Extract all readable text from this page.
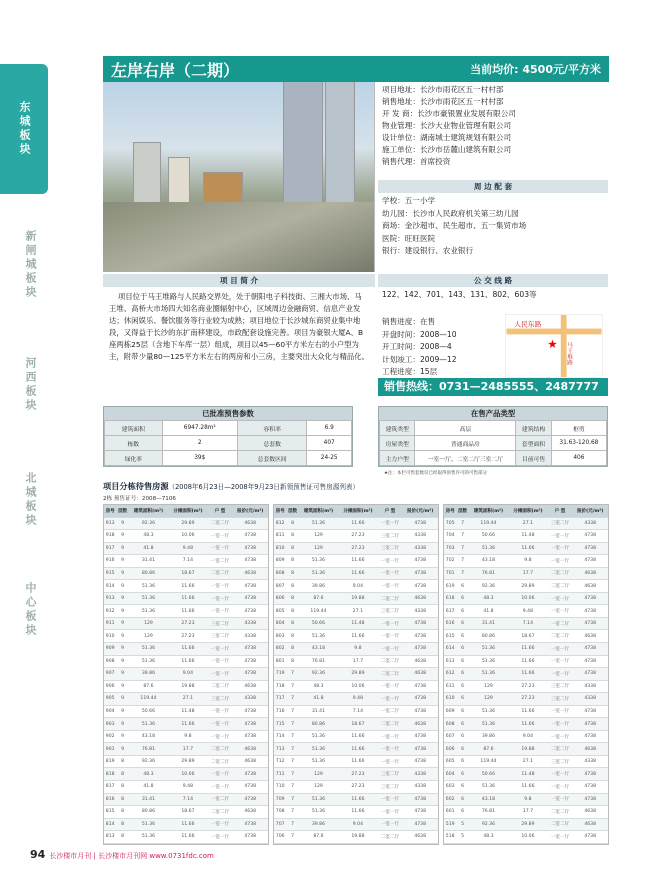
东城板块
新闸城板块
河西板块
北城板块
中心板块
左岸右岸（二期）	当前均价: 4500元/平方米
项目地址：长沙市雨花区五一村村部
销售地址：长沙市雨花区五一村村部
开 发 商：长沙市豪银置业发展有限公司
物业管理：长沙大业物业管理有限公司
设计单位：湖南城士建筑规划有限公司
施工单位：长沙市岳麓山建筑有限公司
销售代理：首席投资
周 边 配 套
学校：五一小学
幼儿园：长沙市人民政府机关第三幼儿园
商场：金沙超市、民生超市、五一集贸市场
医院：旺旺医院
银行：建设银行、农业银行
项 目 简 介
项目位于马王堆路与人民路交界处，处于朝阳电子科技街、三湘大市场、马王堆、高桥大市场四大知名商业圈辐射中心，区域周边金融商贸、信息产业发达；休闲娱乐、餐饮服务等行业较为成熟；项目地位于长沙城东商贸业集中地段，又得益于长沙的东扩南移建设，市政配套设施完善。项目为豪银大厦A、B座两栋25层（含地下车库一层）组成，项目以45—60平方米左右的小户型为主，附带少量80—125平方米左右的两房和小三房，主要突出大众化与精品化。
公 交 线 路
122、142、701、143、131、802、603等
销售进度：在售
开盘时间：2008—10
开工时间：2008—4
计划竣工：2009—12
工程进度：15层
人民东路
马王堆路
★
销售热线：0731—2485555、2487777
已批准预售参数
建筑面积	6947.28m²	容积率	6.9
栋数	2	总套数	407
绿化率	39$	总套数区间	24-25
在售产品类型
建筑类型	高层	建筑结构	框剪
房屋类型	普通商品房	套型面积	31.63-120.68
主力户型	一室一厅、二室二厅三室二厅	目前可售	406
★注：本栏可售套数仅已经取得预售许可的可售部分
项目分栋待售房源（2008年6月23日—2008年9月23日新领预售证可售房源列表）
2栋 预售证号：2008—7106
房号	层数	建筑面积(m²)	分摊面积(m²)	户 型	报价(元/m²)
913	9	92.36	29.89	二室二厅	4638
918	9	48.3	10.06	一室一厅	4738
917	9	41.8	9.48	一室一厅	4738
916	9	31.41	7.14	一室二厅	4738
915	9	80.86	18.67	二室二厅	4638
914	9	51.36	11.66	一室一厅	4738
913	9	51.36	11.66	一室一厅	4738
912	9	51.36	11.66	一室一厅	4738
911	9	129	27.23	三室二厅	4338
910	9	129	27.23	三室二厅	4338
909	9	51.36	11.66	一室一厅	4738
908	9	51.36	11.66	一室一厅	4738
907	9	39.86	9.04	一室一厅	4738
906	9	87.6	19.88	二室二厅	4638
905	9	119.44	27.1	三室二厅	4338
904	9	50.66	11.48	一室一厅	4738
903	9	51.36	11.66	一室一厅	4738
902	9	43.18	9.8	一室一厅	4738
901	9	76.81	17.7	二室二厅	4638
819	8	92.36	29.89	二室二厅	4638
818	8	48.3	10.06	一室一厅	4738
817	8	41.8	9.48	一室一厅	4738
816	8	31.41	7.14	一室二厅	4738
815	8	80.86	18.67	二室二厅	4638
814	8	51.36	11.66	一室一厅	4738
813	8	51.36	11.66	一室一厅	4738
房号	层数	建筑面积(m²)	分摊面积(m²)	户 型	报价(元/m²)
812	8	51.36	11.66	一室一厅	4738
811	8	129	27.23	三室二厅	4338
810	8	129	27.23	三室二厅	4338
809	8	51.36	11.66	一室一厅	4738
808	8	51.36	11.66	一室一厅	4738
807	8	39.86	9.04	一室一厅	4738
806	8	87.6	19.88	二室二厅	4638
805	8	119.44	27.1	三室二厅	4338
804	8	50.66	11.48	一室一厅	4738
803	8	51.36	11.66	一室一厅	4738
802	8	43.18	9.8	一室一厅	4738
801	8	76.81	17.7	二室二厅	4638
719	7	92.36	29.89	二室二厅	4638
718	7	48.3	10.06	一室一厅	4738
717	7	41.8	9.48	一室一厅	4738
716	7	31.41	7.14	一室二厅	4738
715	7	80.86	18.67	二室二厅	4638
714	7	51.36	11.66	一室一厅	4738
713	7	51.36	11.66	一室一厅	4738
712	7	51.36	11.66	一室一厅	4738
711	7	129	27.23	三室二厅	4338
710	7	129	27.23	三室二厅	4338
709	7	51.36	11.66	一室一厅	4738
708	7	51.36	11.66	一室一厅	4738
707	7	39.86	9.04	一室一厅	4738
706	7	87.6	19.88	二室二厅	4638
房号	层数	建筑面积(m²)	分摊面积(m²)	户 型	报价(元/m²)
705	7	119.44	27.1	三室二厅	4338
704	7	50.66	11.48	一室一厅	4738
703	7	51.36	11.66	一室一厅	4738
702	7	43.18	9.8	一室一厅	4738
701	7	76.81	17.7	二室二厅	4638
619	6	92.36	29.89	二室二厅	4638
618	6	48.3	10.06	一室一厅	4738
617	6	41.8	9.48	一室一厅	4738
616	6	31.41	7.14	一室二厅	4738
615	6	80.86	18.67	二室二厅	4638
614	6	51.36	11.66	一室一厅	4738
613	6	51.36	11.66	一室一厅	4738
612	6	51.36	11.66	一室一厅	4738
611	6	129	27.23	三室二厅	4338
610	6	129	27.23	三室二厅	4338
609	6	51.36	11.66	一室一厅	4738
608	6	51.36	11.66	一室一厅	4738
607	6	39.86	9.04	一室一厅	4738
606	6	87.6	19.88	二室二厅	4638
605	6	119.44	27.1	三室二厅	4338
604	6	50.66	11.48	一室一厅	4738
603	6	51.36	11.66	一室一厅	4738
602	6	43.18	9.8	一室一厅	4738
601	6	76.81	17.7	二室二厅	4638
519	5	92.36	29.89	二室二厅	4638
518	5	48.3	10.06	一室一厅	4738
94 长沙楼市月刊 | 长沙楼市月刊网 www.0731fdc.com
